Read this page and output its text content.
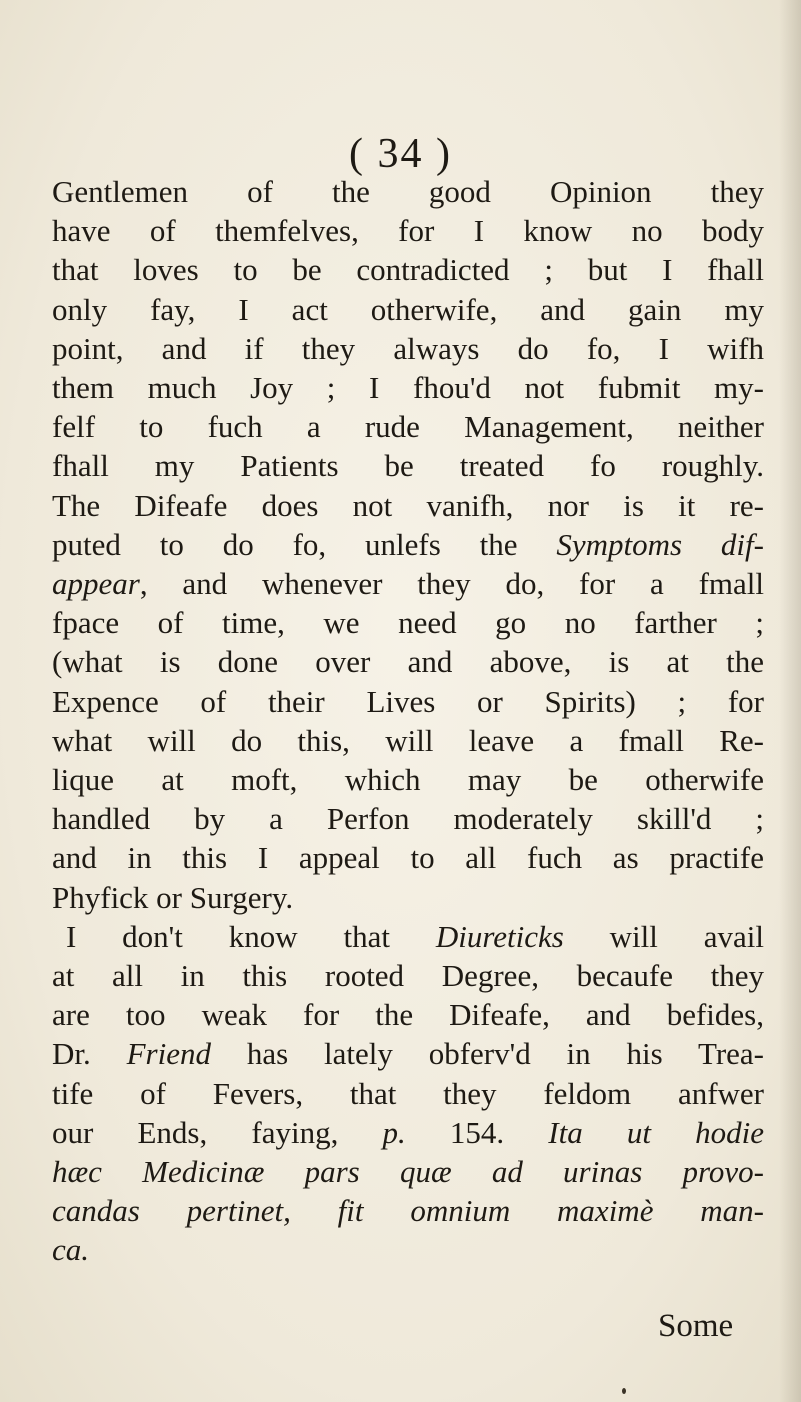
( 34 )
Gentlemen of the good Opinion they
have of themfelves, for I know no body
that loves to be contradicted ; but I fhall
only fay, I act otherwife, and gain my
point, and if they always do fo, I wifh
them much Joy ; I fhou'd not fubmit my-
felf to fuch a rude Management, neither
fhall my Patients be treated fo roughly.
The Difeafe does not vanifh, nor is it re-
puted to do fo, unlefs the Symptoms dif-
appear, and whenever they do, for a fmall
fpace of time, we need go no farther ;
(what is done over and above, is at the
Expence of their Lives or Spirits) ; for
what will do this, will leave a fmall Re-
lique at moft, which may be otherwife
handled by a Perfon moderately skill'd ;
and in this I appeal to all fuch as practife
Phyfick or Surgery.
I don't know that Diureticks will avail
at all in this rooted Degree, becaufe they
are too weak for the Difeafe, and befides,
Dr. Friend has lately obferv'd in his Trea-
tife of Fevers, that they feldom anfwer
our Ends, faying, p. 154. Ita ut hodie
hæc Medicinæ pars quæ ad urinas provo-
candas pertinet, fit omnium maximè man-
ca.
Some
